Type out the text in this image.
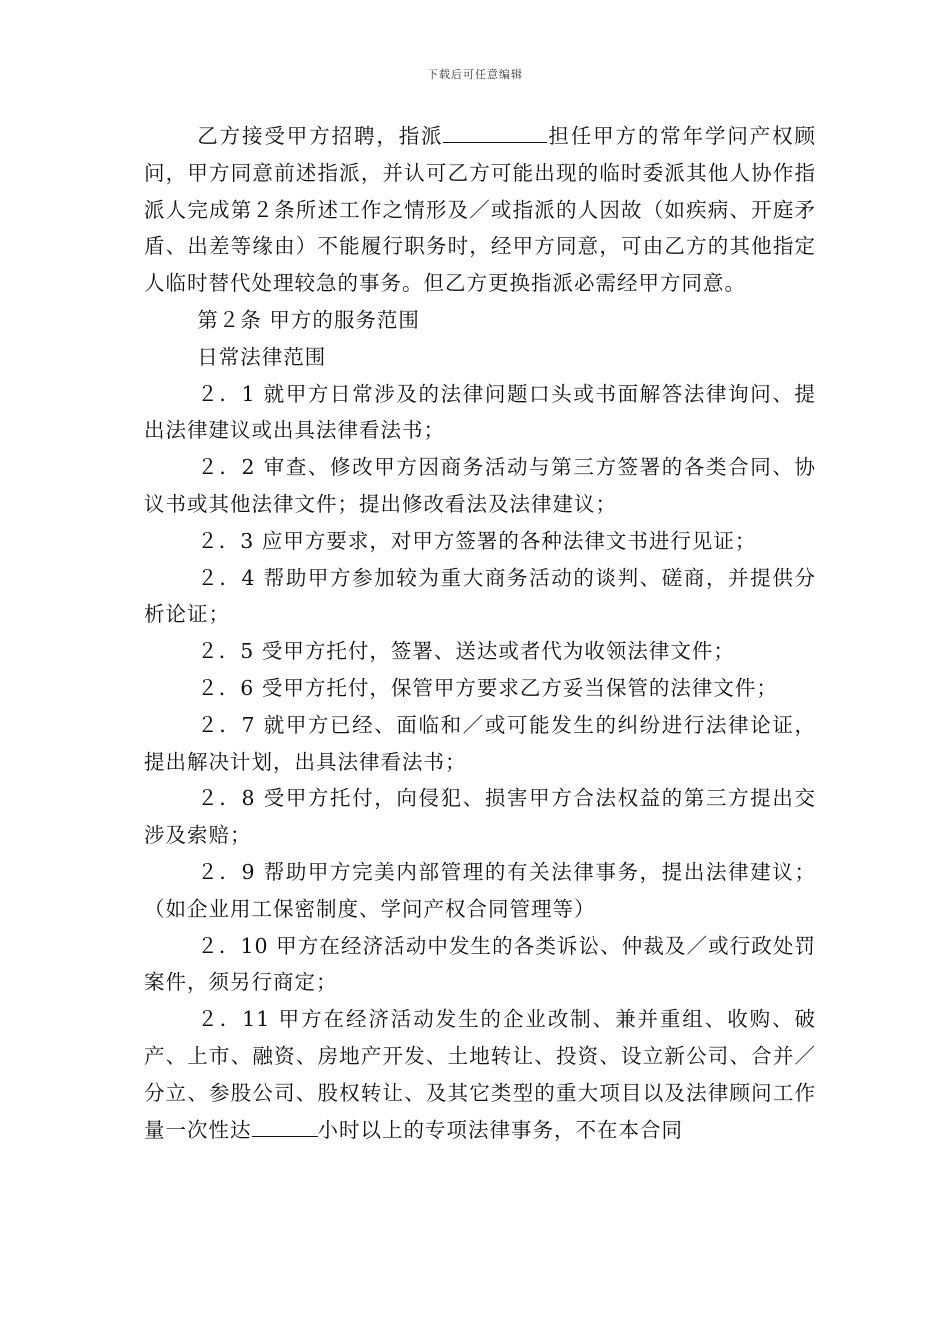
下载后可任意编辑

乙方接受甲方招聘，指派	担任甲方的常年学问产权顾问，甲方同意前述指派，并认可乙方可能出现的临时委派其他人协作指派人完成第２条所述工作之情形及／或指派的人因故（如疾病、开庭矛盾、出差等缘由）不能履行职务时，经甲方同意，可由乙方的其他指定人临时替代处理较急的事务。但乙方更换指派必需经甲方同意。

第２条 甲方的服务范围

日常法律范围

２．1 就甲方日常涉及的法律问题口头或书面解答法律询问、提出法律建议或出具法律看法书；

２．2 审查、修改甲方因商务活动与第三方签署的各类合同、协议书或其他法律文件；提出修改看法及法律建议；

２．3 应甲方要求，对甲方签署的各种法律文书进行见证；

２．4 帮助甲方参加较为重大商务活动的谈判、磋商，并提供分析论证；

２．5 受甲方托付，签署、送达或者代为收领法律文件；

２．6 受甲方托付，保管甲方要求乙方妥当保管的法律文件；

２．7 就甲方已经、面临和／或可能发生的纠纷进行法律论证，提出解决计划，出具法律看法书；

２．8 受甲方托付，向侵犯、损害甲方合法权益的第三方提出交涉及索赔；

２．9 帮助甲方完美内部管理的有关法律事务，提出法律建议；（如企业用工保密制度、学问产权合同管理等）

２．10 甲方在经济活动中发生的各类诉讼、仲裁及／或行政处罚案件，须另行商定；

２．11 甲方在经济活动发生的企业改制、兼并重组、收购、破产、上市、融资、房地产开发、土地转让、投资、设立新公司、合并／分立、参股公司、股权转让、及其它类型的重大项目以及法律顾问工作量一次性达	小时以上的专项法律事务，不在本合同
